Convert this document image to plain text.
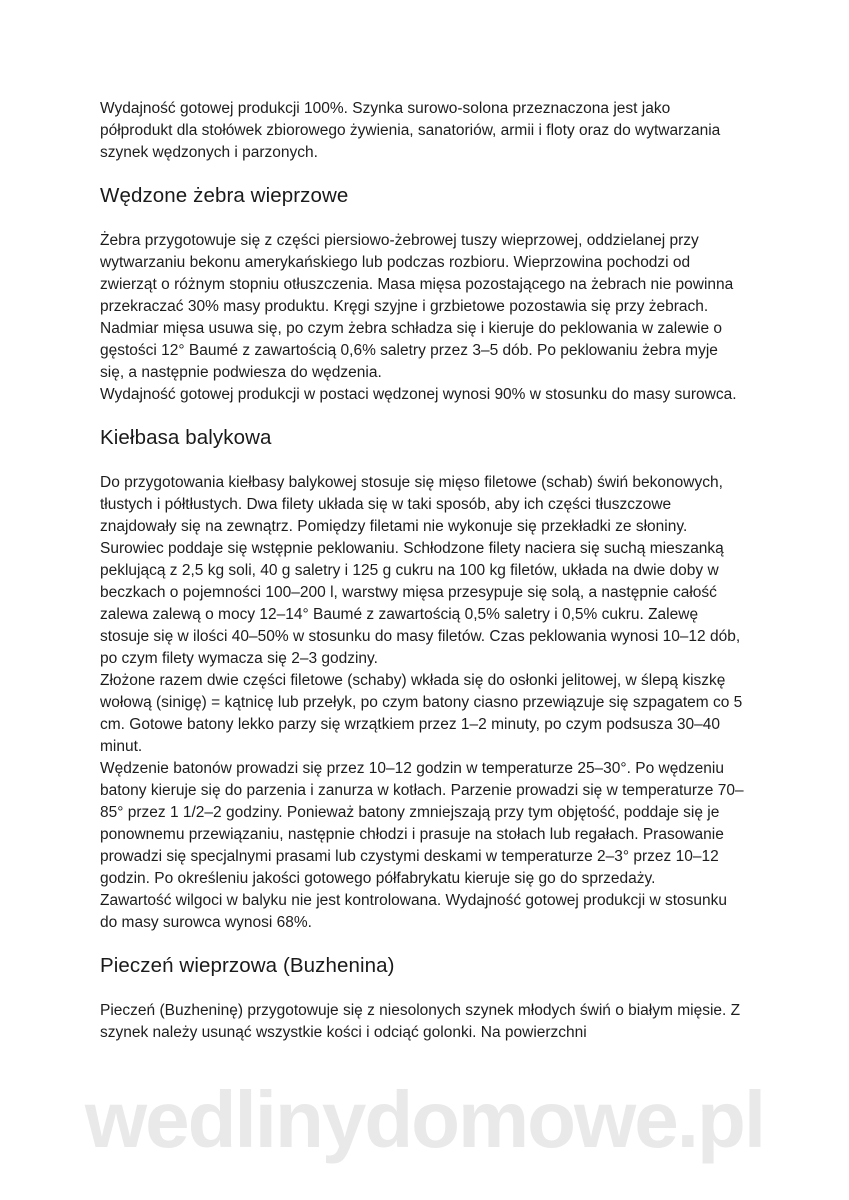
wedlinydomowe.pl

Wydajność gotowej produkcji 100%. Szynka surowo-solona przeznaczona jest jako półprodukt dla stołówek zbiorowego żywienia, sanatoriów, armii i floty oraz do wytwarzania szynek wędzonych i parzonych.

Wędzone żebra wieprzowe

Żebra przygotowuje się z części piersiowo-żebrowej tuszy wieprzowej, oddzielanej przy wytwarzaniu bekonu amerykańskiego lub podczas rozbioru. Wieprzowina pochodzi od zwierząt o różnym stopniu otłuszczenia. Masa mięsa pozostającego na żebrach nie powinna przekraczać 30% masy produktu. Kręgi szyjne i grzbietowe pozostawia się przy żebrach. Nadmiar mięsa usuwa się, po czym żebra schładza się i kieruje do peklowania w zalewie o gęstości 12° Baumé z zawartością 0,6% saletry przez 3–5 dób. Po peklowaniu żebra myje się, a następnie podwiesza do wędzenia.

Wydajność gotowej produkcji w postaci wędzonej wynosi 90% w stosunku do masy surowca.

Kiełbasa balykowa

Do przygotowania kiełbasy balykowej stosuje się mięso filetowe (schab) świń bekonowych, tłustych i półtłustych. Dwa filety układa się w taki sposób, aby ich części tłuszczowe znajdowały się na zewnątrz. Pomiędzy filetami nie wykonuje się przekładki ze słoniny.

Surowiec poddaje się wstępnie peklowaniu. Schłodzone filety naciera się suchą mieszanką peklującą z 2,5 kg soli, 40 g saletry i 125 g cukru na 100 kg filetów, układa na dwie doby w beczkach o pojemności 100–200 l, warstwy mięsa przesypuje się solą, a następnie całość zalewa zalewą o mocy 12–14° Baumé z zawartością 0,5% saletry i 0,5% cukru. Zalewę stosuje się w ilości 40–50% w stosunku do masy filetów. Czas peklowania wynosi 10–12 dób, po czym filety wymacza się 2–3 godziny.

Złożone razem dwie części filetowe (schaby) wkłada się do osłonki jelitowej, w ślepą kiszkę wołową (sinigę) = kątnicę lub przełyk, po czym batony ciasno przewiązuje się szpagatem co 5 cm. Gotowe batony lekko parzy się wrzątkiem przez 1–2 minuty, po czym podsusza 30–40 minut.

Wędzenie batonów prowadzi się przez 10–12 godzin w temperaturze 25–30°. Po wędzeniu batony kieruje się do parzenia i zanurza w kotłach. Parzenie prowadzi się w temperaturze 70–85° przez 1 1/2–2 godziny. Ponieważ batony zmniejszają przy tym objętość, poddaje się je ponownemu przewiązaniu, następnie chłodzi i prasuje na stołach lub regałach. Prasowanie prowadzi się specjalnymi prasami lub czystymi deskami w temperaturze 2–3° przez 10–12 godzin. Po określeniu jakości gotowego półfabrykatu kieruje się go do sprzedaży.

Zawartość wilgoci w balyku nie jest kontrolowana. Wydajność gotowej produkcji w stosunku do masy surowca wynosi 68%.

Pieczeń wieprzowa (Buzhenina)

Pieczeń (Buzheninę) przygotowuje się z niesolonych szynek młodych świń o białym mięsie. Z szynek należy usunąć wszystkie kości i odciąć golonki. Na powierzchni
